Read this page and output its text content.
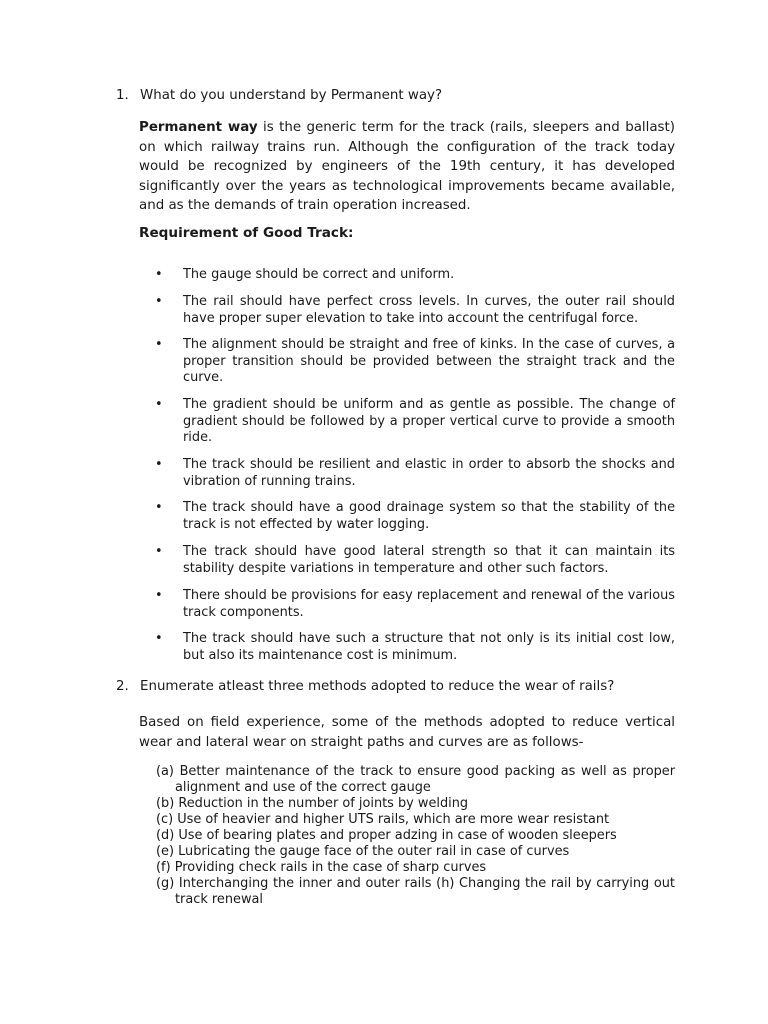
1. What do you understand by Permanent way?

Permanent way is the generic term for the track (rails, sleepers and ballast) on which railway trains run. Although the configuration of the track today would be recognized by engineers of the 19th century, it has developed significantly over the years as technological improvements became available, and as the demands of train operation increased.

Requirement of Good Track:
• The gauge should be correct and uniform.
• The rail should have perfect cross levels. In curves, the outer rail should have proper super elevation to take into account the centrifugal force.
• The alignment should be straight and free of kinks. In the case of curves, a proper transition should be provided between the straight track and the curve.
• The gradient should be uniform and as gentle as possible. The change of gradient should be followed by a proper vertical curve to provide a smooth ride.
• The track should be resilient and elastic in order to absorb the shocks and vibration of running trains.
• The track should have a good drainage system so that the stability of the track is not effected by water logging.
• The track should have good lateral strength so that it can maintain its stability despite variations in temperature and other such factors.
• There should be provisions for easy replacement and renewal of the various track components.
• The track should have such a structure that not only is its initial cost low, but also its maintenance cost is minimum.
2. Enumerate atleast three methods adopted to reduce the wear of rails?

Based on field experience, some of the methods adopted to reduce vertical wear and lateral wear on straight paths and curves are as follows-

(a) Better maintenance of the track to ensure good packing as well as proper alignment and use of the correct gauge
(b) Reduction in the number of joints by welding
(c) Use of heavier and higher UTS rails, which are more wear resistant
(d) Use of bearing plates and proper adzing in case of wooden sleepers
(e) Lubricating the gauge face of the outer rail in case of curves
(f) Providing check rails in the case of sharp curves
(g) Interchanging the inner and outer rails (h) Changing the rail by carrying out track renewal
